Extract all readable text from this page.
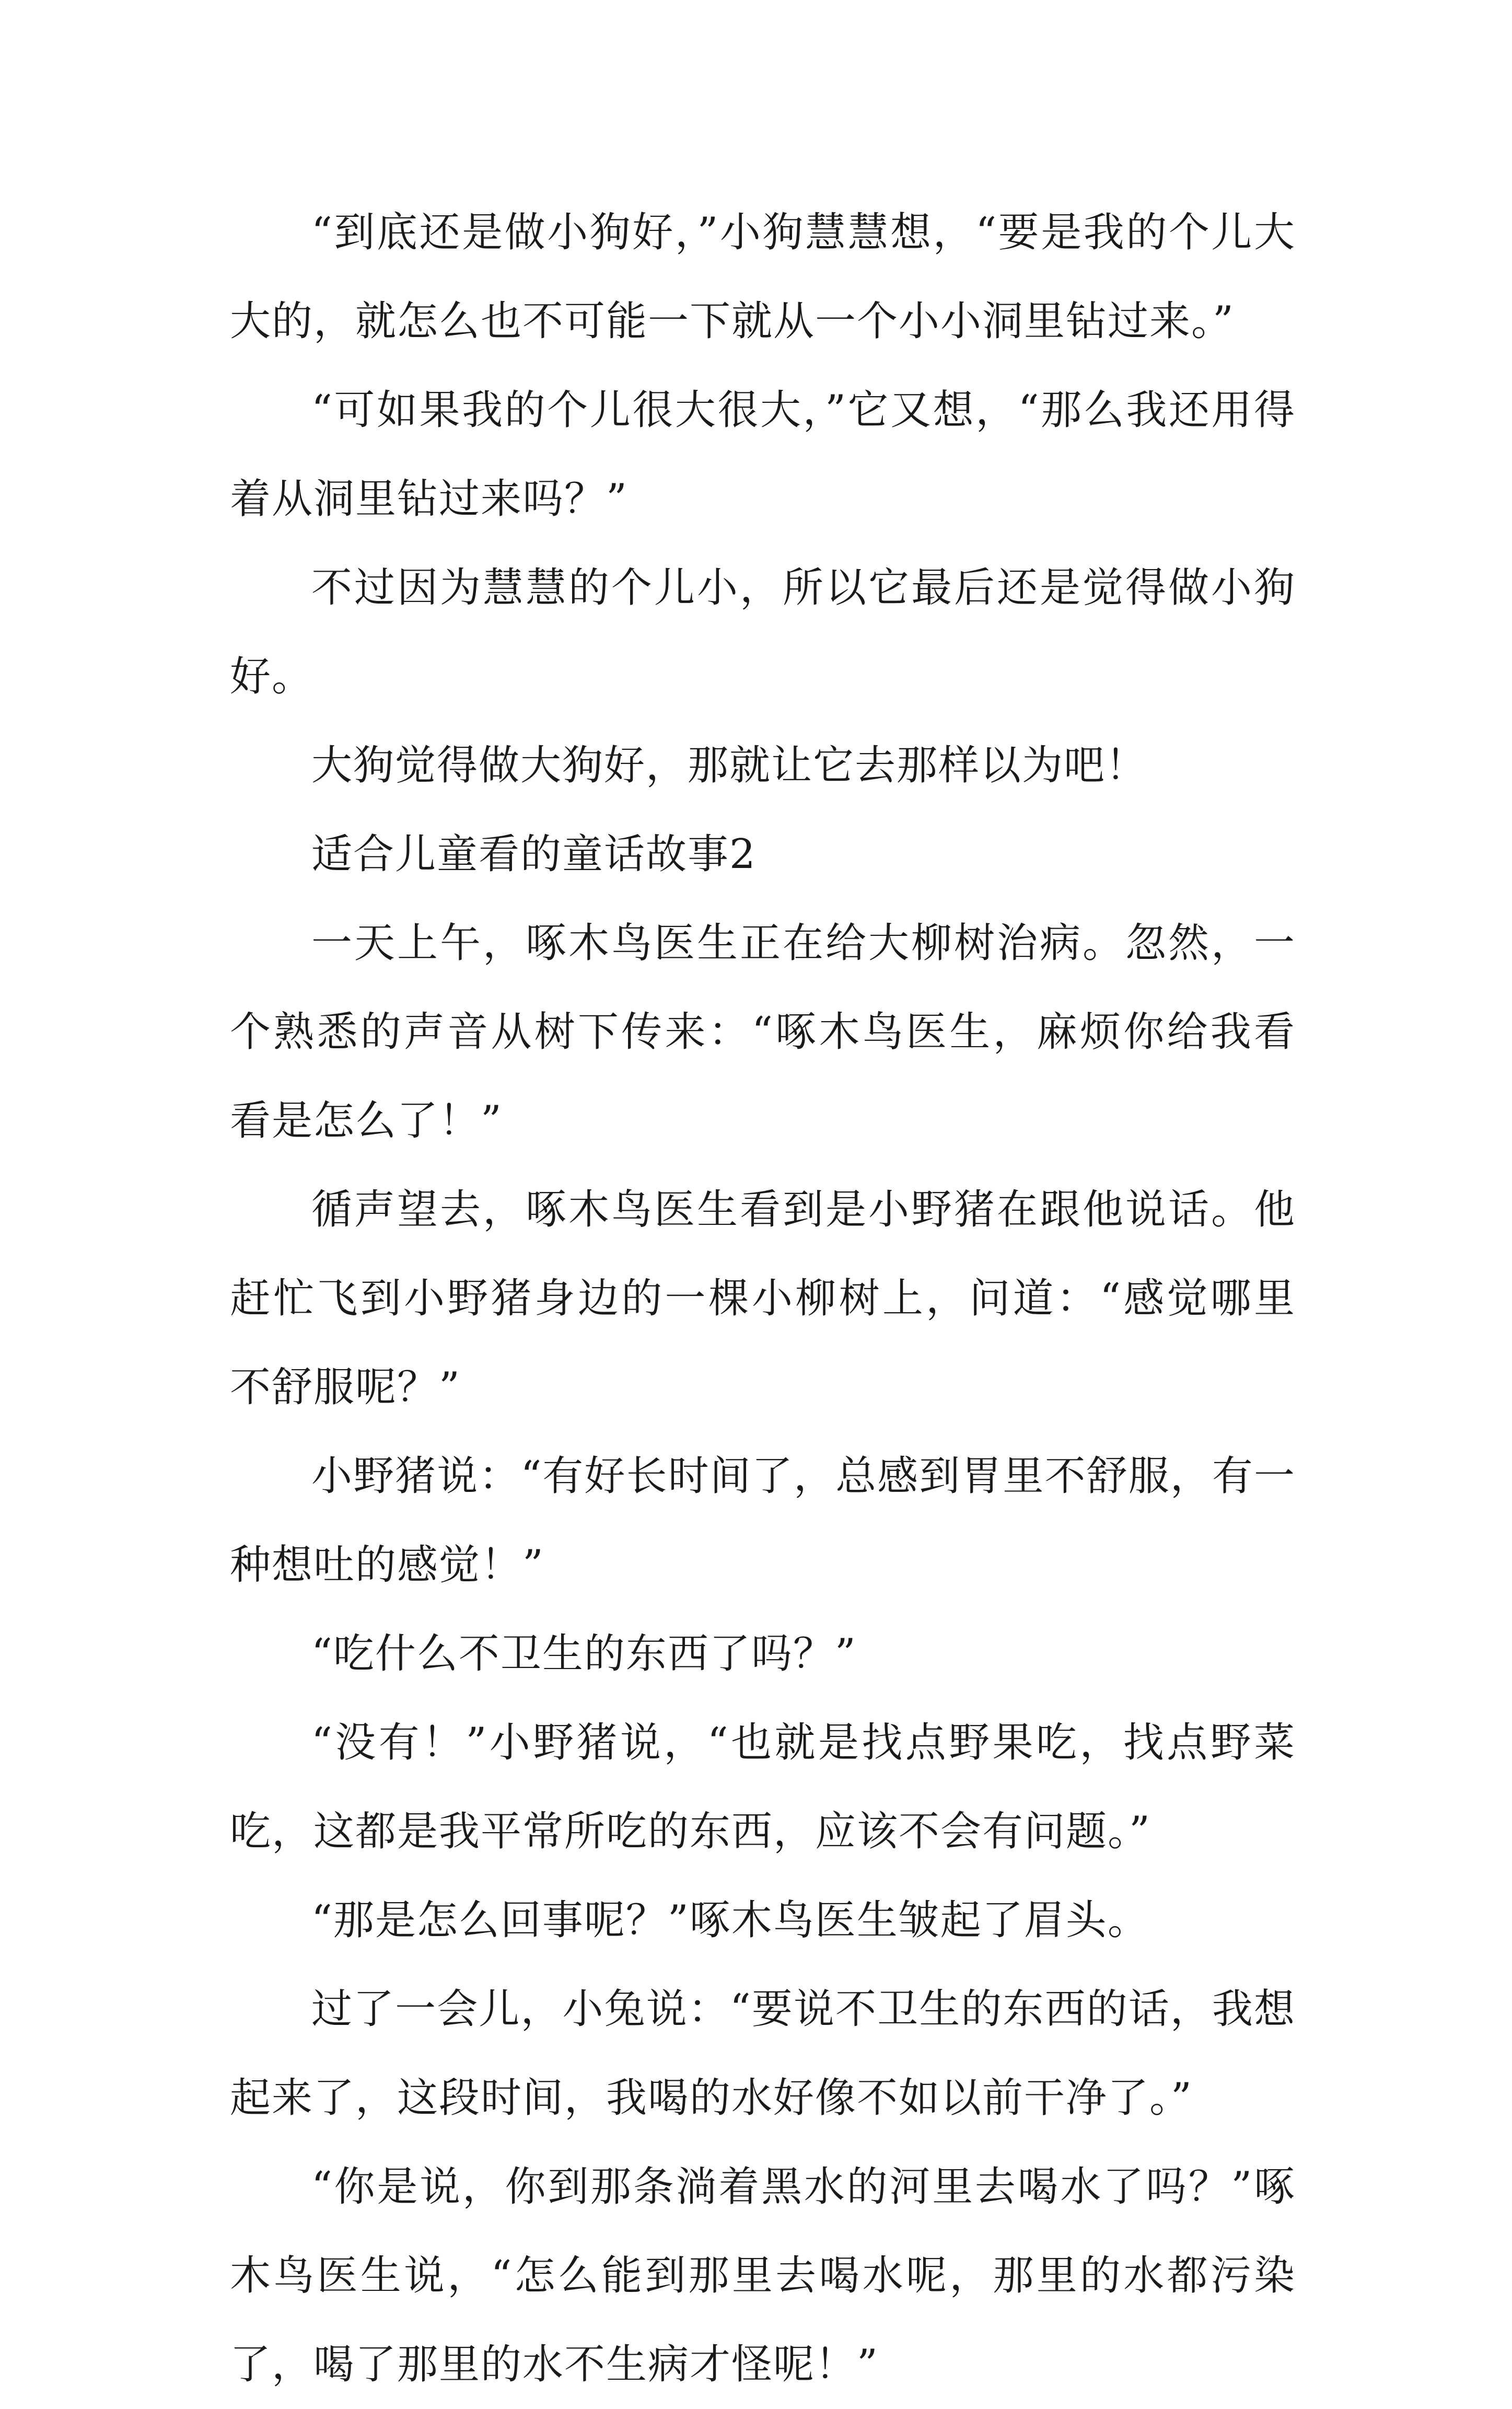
“到底还是做小狗好，”小狗慧慧想，“要是我的个儿大大的，就怎么也不可能一下就从一个小小洞里钻过来。”

“可如果我的个儿很大很大，”它又想，“那么我还用得着从洞里钻过来吗？”

不过因为慧慧的个儿小，所以它最后还是觉得做小狗好。

大狗觉得做大狗好，那就让它去那样以为吧！

适合儿童看的童话故事2

一天上午，啄木鸟医生正在给大柳树治病。忽然，一个熟悉的声音从树下传来：“啄木鸟医生，麻烦你给我看看是怎么了！”

循声望去，啄木鸟医生看到是小野猪在跟他说话。他赶忙飞到小野猪身边的一棵小柳树上，问道：“感觉哪里不舒服呢？”

小野猪说：“有好长时间了，总感到胃里不舒服，有一种想吐的感觉！”

“吃什么不卫生的东西了吗？”

“没有！”小野猪说，“也就是找点野果吃，找点野菜吃，这都是我平常所吃的东西，应该不会有问题。”

“那是怎么回事呢？”啄木鸟医生皱起了眉头。

过了一会儿，小兔说：“要说不卫生的东西的话，我想起来了，这段时间，我喝的水好像不如以前干净了。”

“你是说，你到那条淌着黑水的河里去喝水了吗？”啄木鸟医生说，“怎么能到那里去喝水呢，那里的水都污染了，喝了那里的水不生病才怪呢！”
